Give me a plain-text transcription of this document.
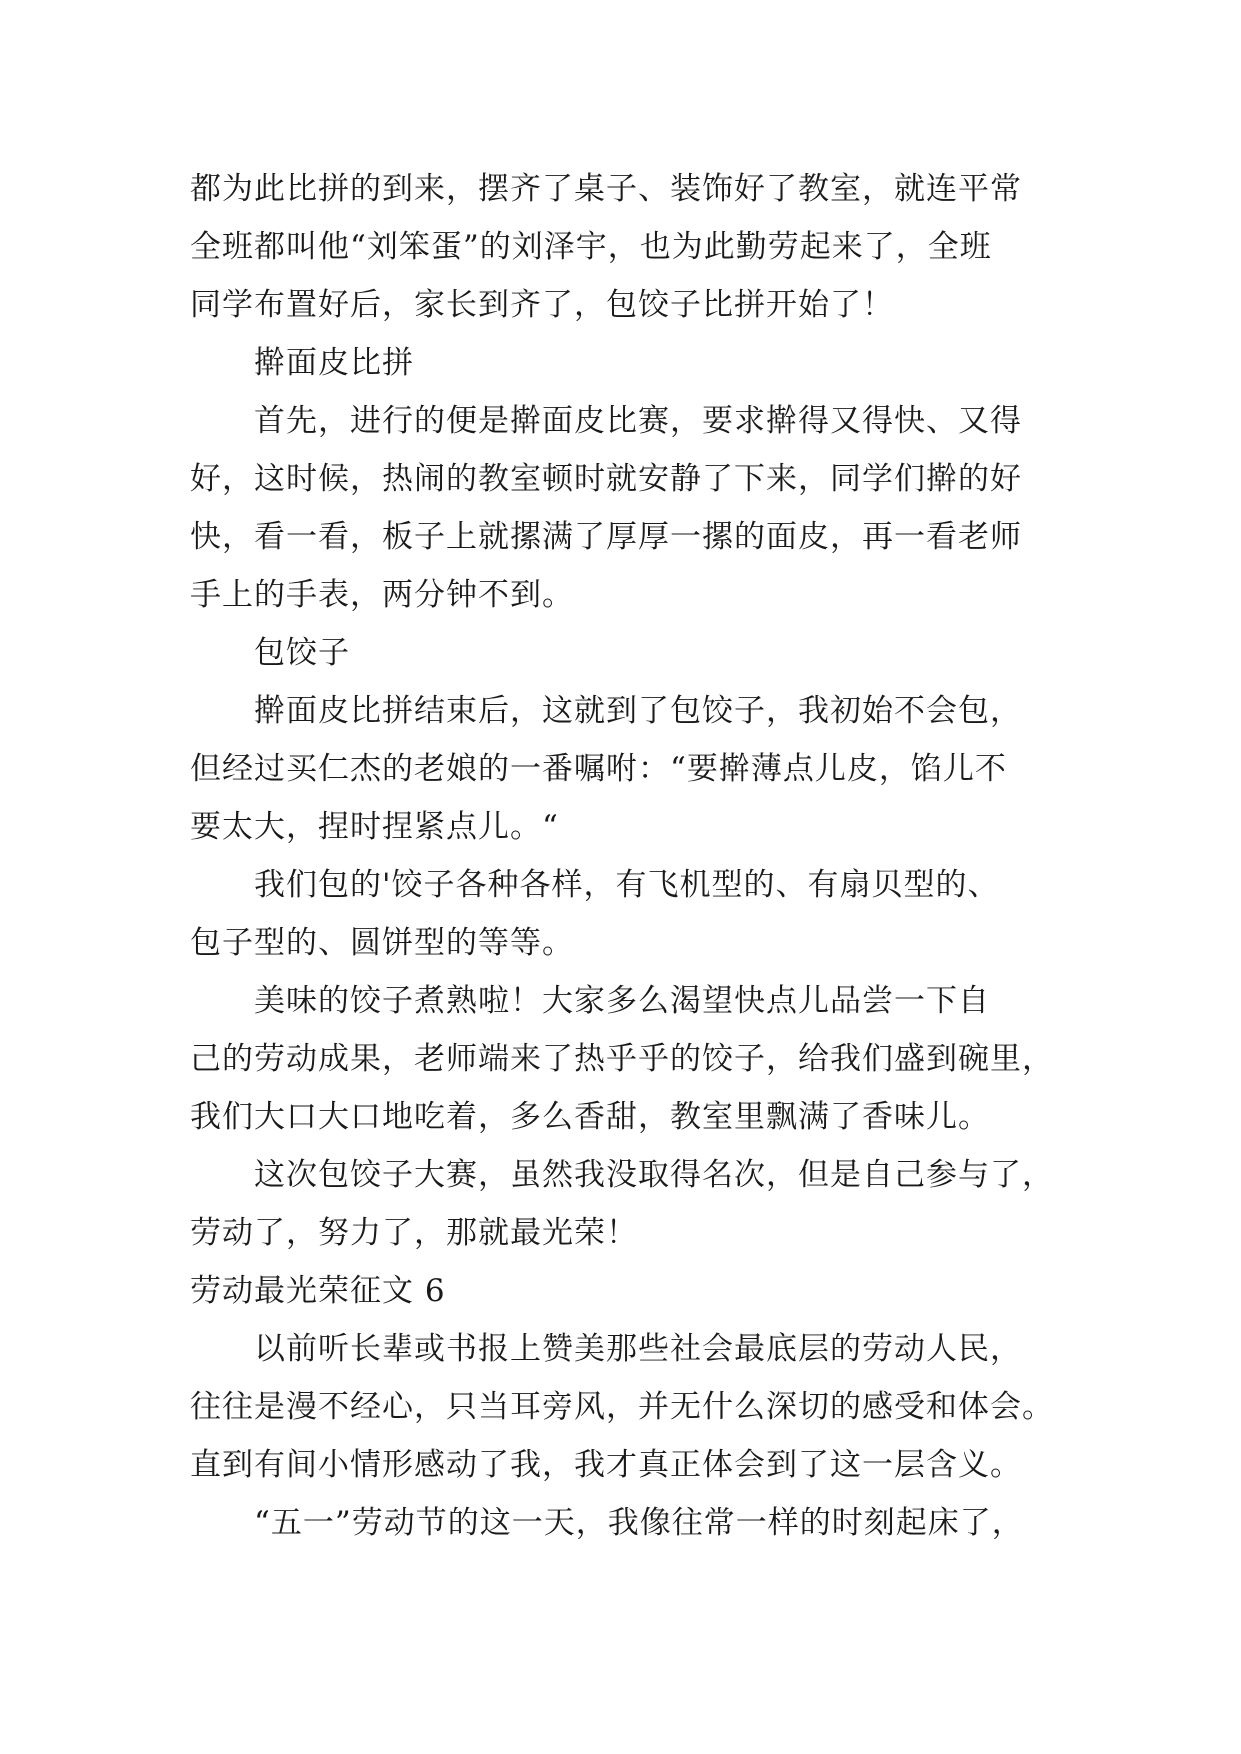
都为此比拼的到来，摆齐了桌子、装饰好了教室，就连平常
全班都叫他“刘笨蛋”的刘泽宇，也为此勤劳起来了，全班
同学布置好后，家长到齐了，包饺子比拼开始了！
擀面皮比拼
首先，进行的便是擀面皮比赛，要求擀得又得快、又得
好，这时候，热闹的教室顿时就安静了下来，同学们擀的好
快，看一看，板子上就摞满了厚厚一摞的面皮，再一看老师
手上的手表，两分钟不到。
包饺子
擀面皮比拼结束后，这就到了包饺子，我初始不会包，
但经过买仁杰的老娘的一番嘱咐：“要擀薄点儿皮，馅儿不
要太大，捏时捏紧点儿。“
我们包的'饺子各种各样，有飞机型的、有扇贝型的、
包子型的、圆饼型的等等。
美味的饺子煮熟啦！大家多么渴望快点儿品尝一下自
己的劳动成果，老师端来了热乎乎的饺子，给我们盛到碗里，
我们大口大口地吃着，多么香甜，教室里飘满了香味儿。
这次包饺子大赛，虽然我没取得名次，但是自己参与了，
劳动了，努力了，那就最光荣！
劳动最光荣征文 6
以前听长辈或书报上赞美那些社会最底层的劳动人民，
往往是漫不经心，只当耳旁风，并无什么深切的感受和体会。
直到有间小情形感动了我，我才真正体会到了这一层含义。
“五一”劳动节的这一天，我像往常一样的时刻起床了，
